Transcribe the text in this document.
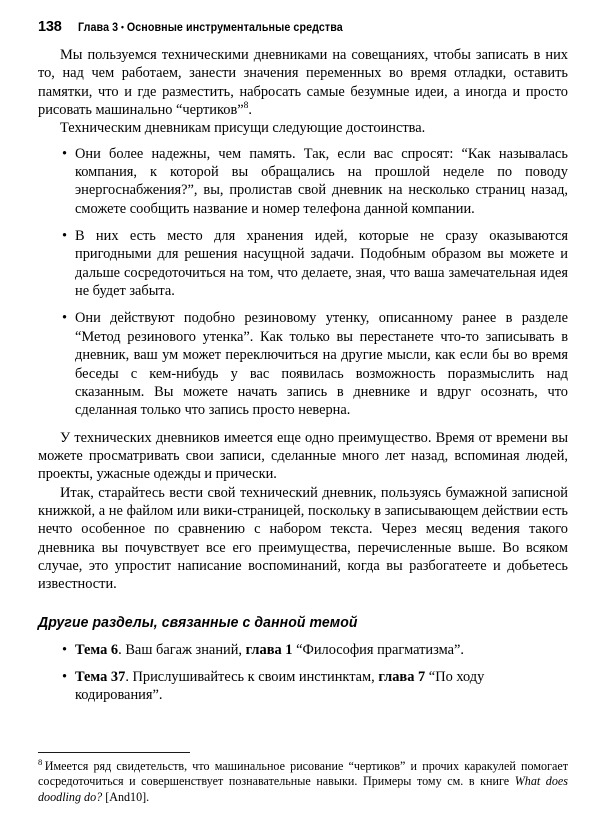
138 Глава 3 • Основные инструментальные средства

Мы пользуемся техническими дневниками на совещаниях, чтобы записать в них то, над чем работаем, занести значения переменных во время отладки, оставить памятки, что и где разместить, набросать самые безумные идеи, а иногда и просто рисовать машинально “чертиков”$^8$.

Техническим дневникам присущи следующие достоинства.

• Они более надежны, чем память. Так, если вас спросят: “Как называлась компания, к которой вы обращались на прошлой неделе по поводу энергоснабжения?”, вы, пролистав свой дневник на несколько страниц назад, сможете сообщить название и номер телефона данной компании.
• В них есть место для хранения идей, которые не сразу оказываются пригодными для решения насущной задачи. Подобным образом вы можете и дальше сосредоточиться на том, что делаете, зная, что ваша замечательная идея не будет забыта.
• Они действуют подобно резиновому утенку, описанному ранее в разделе “Метод резинового утенка”. Как только вы перестанете что-то записывать в дневник, ваш ум может переключиться на другие мысли, как если бы во время беседы с кем-нибудь у вас появилась возможность поразмыслить над сказанным. Вы можете начать запись в дневнике и вдруг осознать, что сделанная только что запись просто неверна.

У технических дневников имеется еще одно преимущество. Время от времени вы можете просматривать свои записи, сделанные много лет назад, вспоминая людей, проекты, ужасные одежды и прически.

Итак, старайтесь вести свой технический дневник, пользуясь бумажной записной книжкой, а не файлом или вики-страницей, поскольку в записывающем действии есть нечто особенное по сравнению с набором текста. Через месяц ведения такого дневника вы почувствует все его преимущества, перечисленные выше. Во всяком случае, это упростит написание воспоминаний, когда вы разбогатеете и добьетесь известности.

Другие разделы, связанные с данной темой
• Тема 6. Ваш багаж знаний, глава 1 “Философия прагматизма”.
• Тема 37. Прислушивайтесь к своим инстинктам, глава 7 “По ходу кодирования”.

$^8$ Имеется ряд свидетельств, что машинальное рисование “чертиков” и прочих каракулей помогает сосредоточиться и совершенствует познавательные навыки. Примеры тому см. в книге What does doodling do? [And10].
